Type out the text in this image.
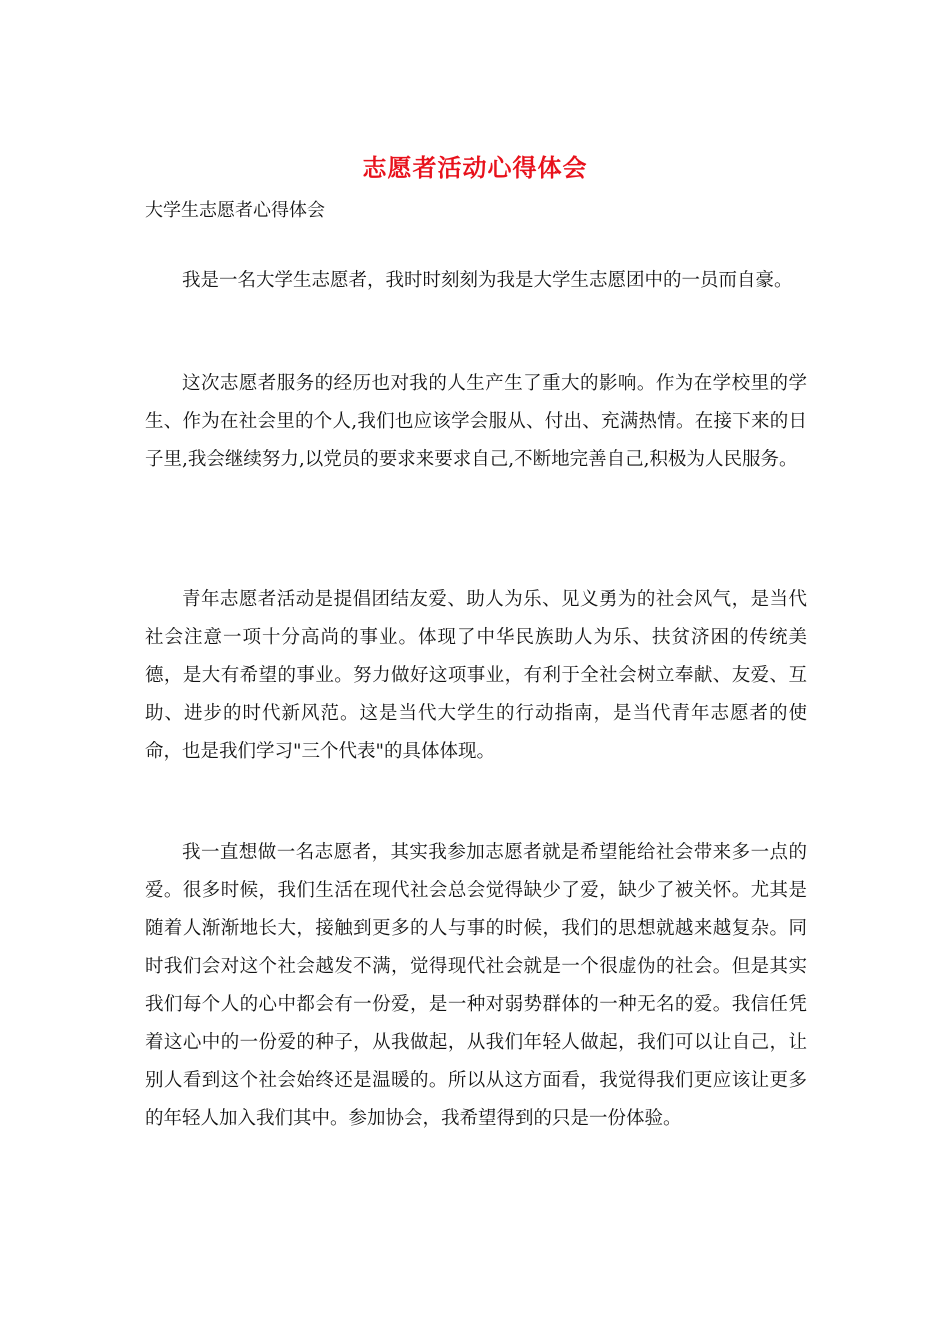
志愿者活动心得体会
大学生志愿者心得体会

我是一名大学生志愿者，我时时刻刻为我是大学生志愿团中的一员而自豪。

这次志愿者服务的经历也对我的人生产生了重大的影响。作为在学校里的学生、作为在社会里的个人,我们也应该学会服从、付出、充满热情。在接下来的日子里,我会继续努力,以党员的要求来要求自己,不断地完善自己,积极为人民服务。

青年志愿者活动是提倡团结友爱、助人为乐、见义勇为的社会风气，是当代社会注意一项十分高尚的事业。体现了中华民族助人为乐、扶贫济困的传统美德，是大有希望的事业。努力做好这项事业，有利于全社会树立奉献、友爱、互助、进步的时代新风范。这是当代大学生的行动指南，是当代青年志愿者的使命，也是我们学习"三个代表"的具体体现。

我一直想做一名志愿者，其实我参加志愿者就是希望能给社会带来多一点的爱。很多时候，我们生活在现代社会总会觉得缺少了爱，缺少了被关怀。尤其是随着人渐渐地长大，接触到更多的人与事的时候，我们的思想就越来越复杂。同时我们会对这个社会越发不满，觉得现代社会就是一个很虚伪的社会。但是其实我们每个人的心中都会有一份爱，是一种对弱势群体的一种无名的爱。我信任凭着这心中的一份爱的种子，从我做起，从我们年轻人做起，我们可以让自己，让别人看到这个社会始终还是温暖的。所以从这方面看，我觉得我们更应该让更多的年轻人加入我们其中。参加协会，我希望得到的只是一份体验。
